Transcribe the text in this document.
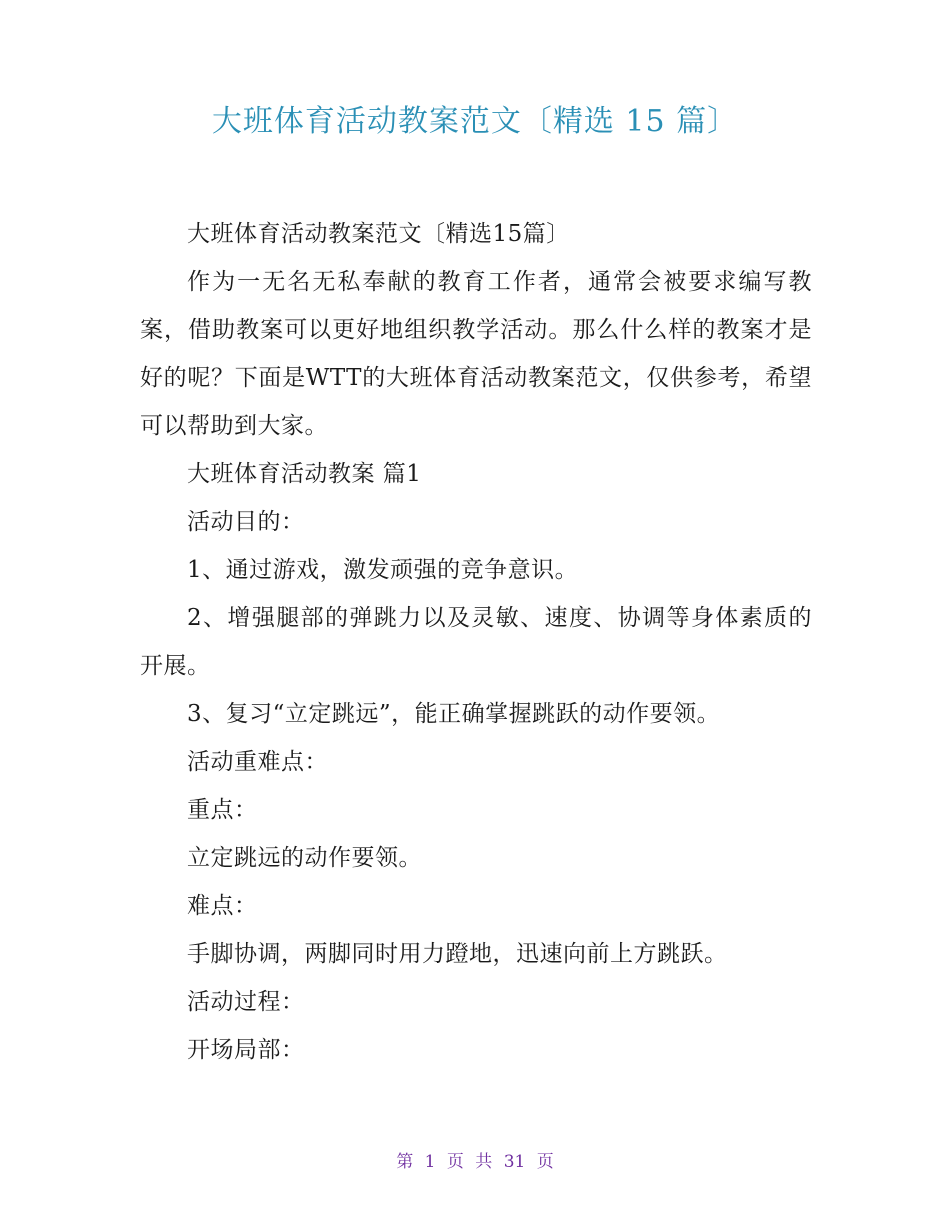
大班体育活动教案范文〔精选 15 篇〕

大班体育活动教案范文〔精选15篇〕

作为一无名无私奉献的教育工作者，通常会被要求编写教案，借助教案可以更好地组织教学活动。那么什么样的教案才是好的呢？下面是WTT的大班体育活动教案范文，仅供参考，希望可以帮助到大家。

大班体育活动教案 篇1

活动目的：

1、通过游戏，激发顽强的竞争意识。

2、增强腿部的弹跳力以及灵敏、速度、协调等身体素质的开展。

3、复习“立定跳远”，能正确掌握跳跃的动作要领。

活动重难点：

重点：

立定跳远的动作要领。

难点：

手脚协调，两脚同时用力蹬地，迅速向前上方跳跃。

活动过程：

开场局部：

第 1 页 共 31 页
